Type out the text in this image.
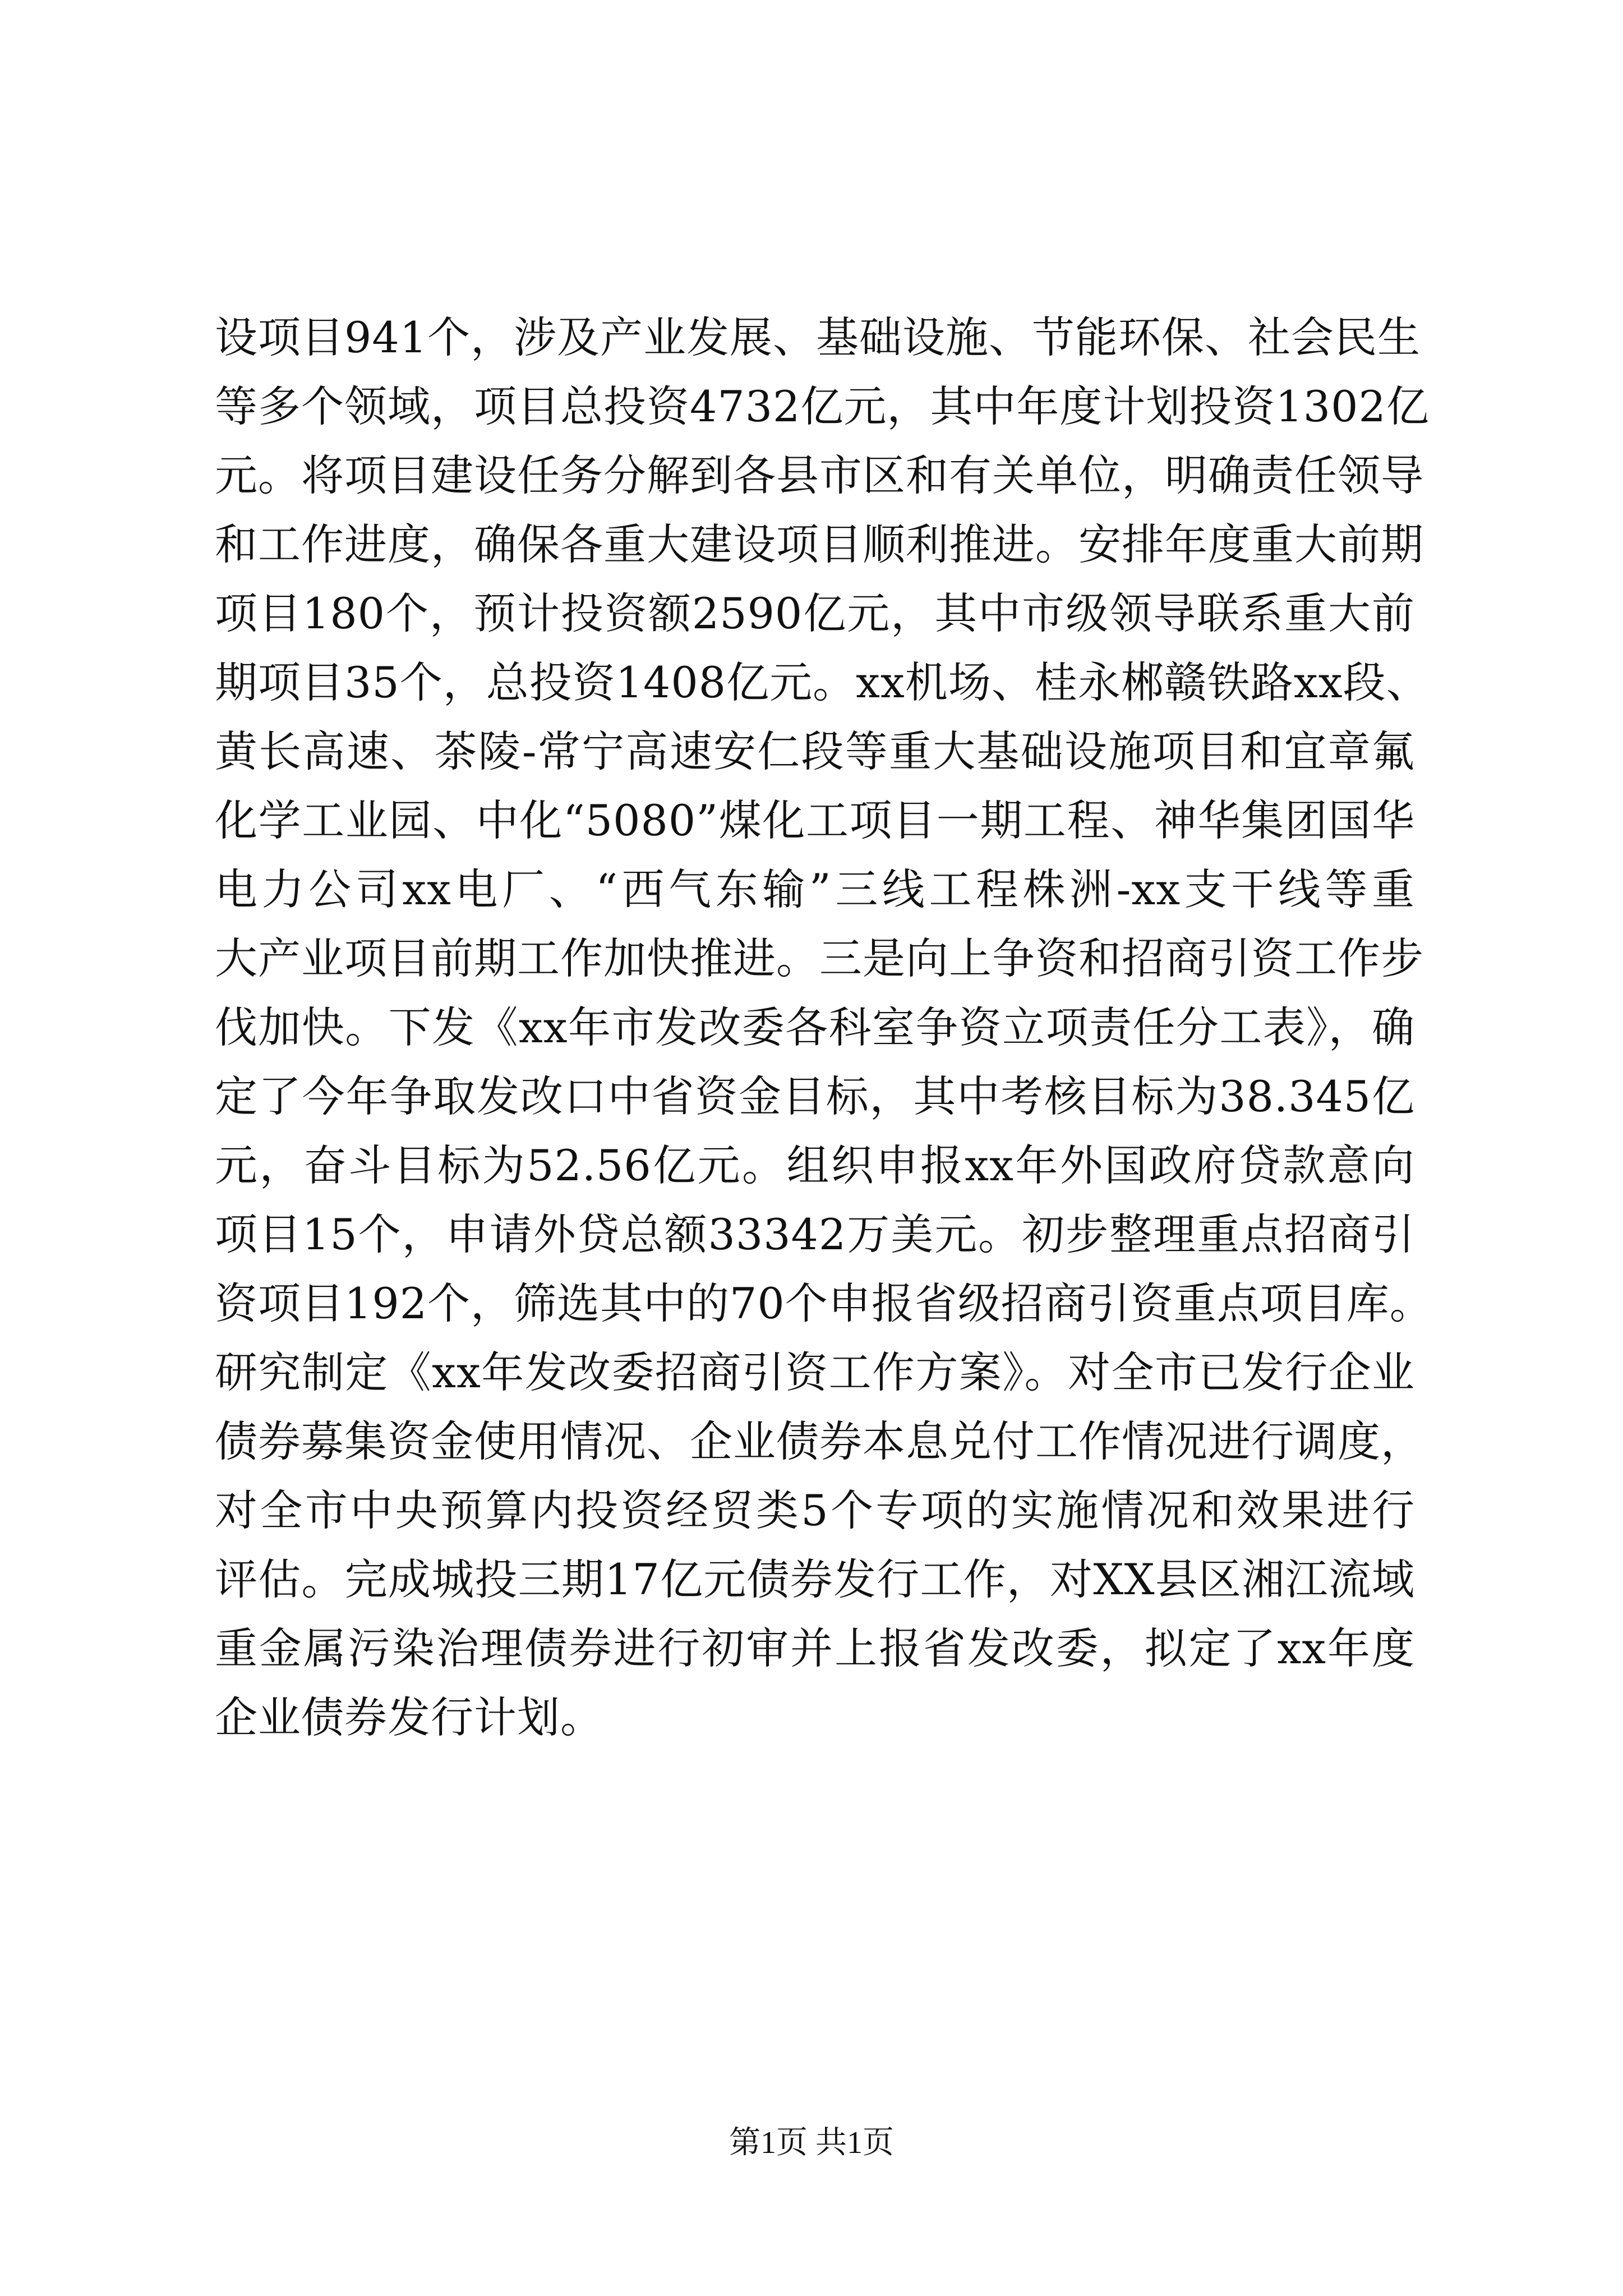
设项目941个，涉及产业发展、基础设施、节能环保、社会民生
等多个领域，项目总投资4732亿元，其中年度计划投资1302亿
元。将项目建设任务分解到各县市区和有关单位，明确责任领导
和工作进度，确保各重大建设项目顺利推进。安排年度重大前期
项目180个，预计投资额2590亿元，其中市级领导联系重大前
期项目35个，总投资1408亿元。xx机场、桂永郴赣铁路xx段、
黄长高速、茶陵-常宁高速安仁段等重大基础设施项目和宜章氟
化学工业园、中化“5080”煤化工项目一期工程、神华集团国华
电力公司xx电厂、“西气东输”三线工程株洲-xx支干线等重
大产业项目前期工作加快推进。三是向上争资和招商引资工作步
伐加快。下发《xx年市发改委各科室争资立项责任分工表》，确
定了今年争取发改口中省资金目标，其中考核目标为38.345亿
元，奋斗目标为52.56亿元。组织申报xx年外国政府贷款意向
项目15个，申请外贷总额33342万美元。初步整理重点招商引
资项目192个，筛选其中的70个申报省级招商引资重点项目库。
研究制定《xx年发改委招商引资工作方案》。对全市已发行企业
债券募集资金使用情况、企业债券本息兑付工作情况进行调度，
对全市中央预算内投资经贸类5个专项的实施情况和效果进行
评估。完成城投三期17亿元债券发行工作，对XX县区湘江流域
重金属污染治理债券进行初审并上报省发改委，拟定了xx年度
企业债券发行计划。
第1页 共1页
